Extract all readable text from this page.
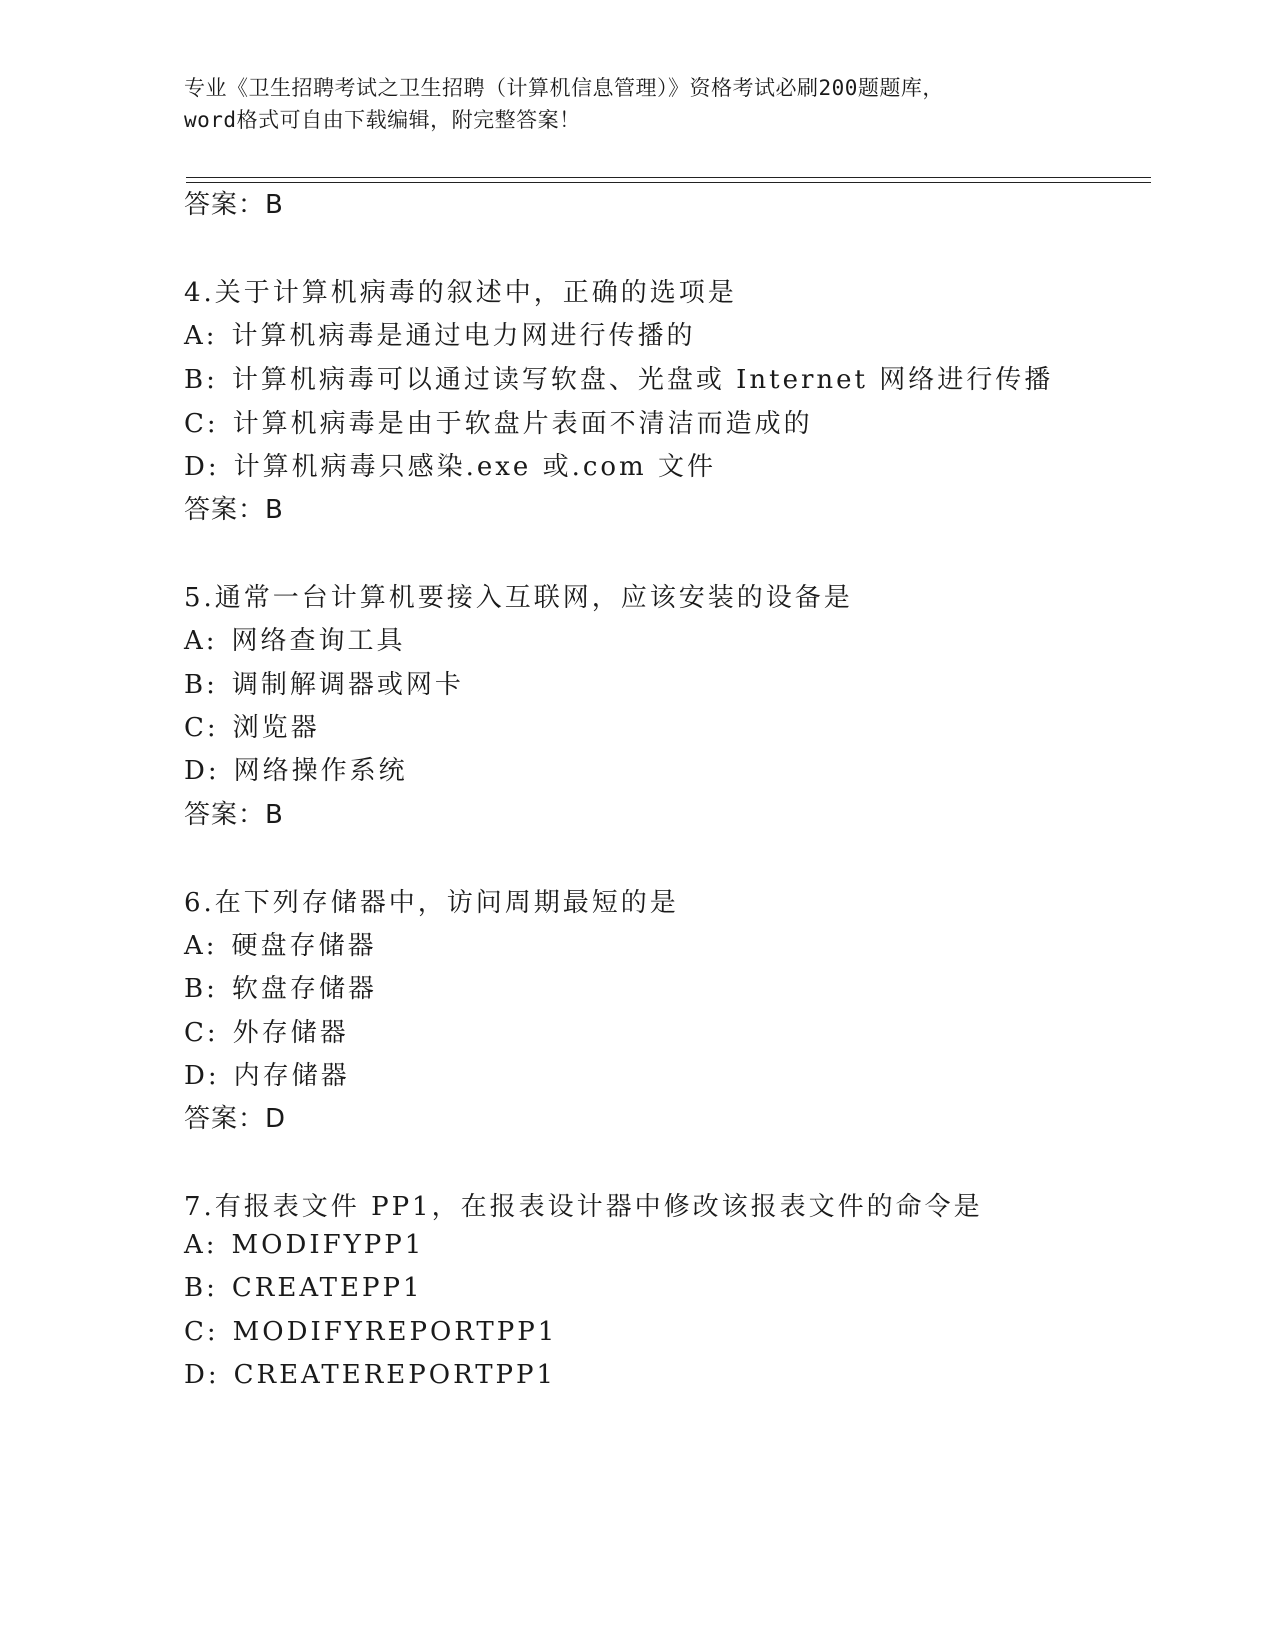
专业《卫生招聘考试之卫生招聘（计算机信息管理）》资格考试必刷200题题库，
word格式可自由下载编辑，附完整答案！
答案：B
4.关于计算机病毒的叙述中，正确的选项是
A: 计算机病毒是通过电力网进行传播的
B: 计算机病毒可以通过读写软盘、光盘或 Internet 网络进行传播
C: 计算机病毒是由于软盘片表面不清洁而造成的
D: 计算机病毒只感染.exe 或.com 文件
答案：B
5.通常一台计算机要接入互联网，应该安装的设备是
A: 网络查询工具
B: 调制解调器或网卡
C: 浏览器
D: 网络操作系统
答案：B
6.在下列存储器中，访问周期最短的是
A: 硬盘存储器
B: 软盘存储器
C: 外存储器
D: 内存储器
答案：D
7.有报表文件 PP1，在报表设计器中修改该报表文件的命令是
A: MODIFYPP1
B: CREATEPP1
C: MODIFYREPORTPP1
D: CREATEREPORTPP1
